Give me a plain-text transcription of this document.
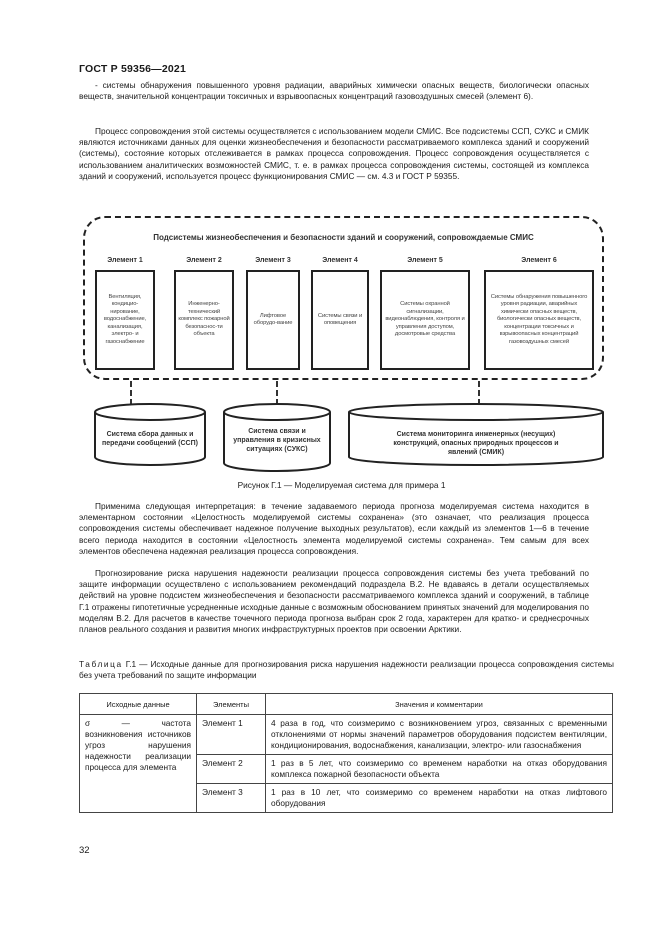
ГОСТ Р 59356—2021

- системы обнаружения повышенного уровня радиации, аварийных химически опасных веществ, биологически опасных веществ, значительной концентрации токсичных и взрывоопасных концентраций газовоздушных смесей (элемент 6).

Процесс сопровождения этой системы осуществляется с использованием модели СМИС. Все подсистемы ССП, СУКС и СМИК являются источниками данных для оценки жизнеобеспечения и безопасности рассматриваемого комплекса зданий и сооружений (системы), состояние которых отслеживается в рамках процесса сопровождения. Процесс сопровождения осуществляется с использованием аналитических возможностей СМИС, т. е. в рамках процесса сопровождения системы, состоящей из комплекса зданий и сооружений, используется процесс функционирования СМИС — см. 4.3 и ГОСТ Р 59355.

Подсистемы жизнеобеспечения и безопасности зданий и сооружений, сопровождаемые СМИС
Элемент 1
Вентиляция, кондицио-нирование, водоснабжение, канализация, электро- и газоснабжение
Элемент 2
Инженерно-технический комплекс пожарной безопаснос-ти объекта
Элемент 3
Лифтовое оборудо-вание
Элемент 4
Системы связи и оповещения
Элемент 5
Системы охранной сигнализации, видеонаблюдения, контроля и управления доступом, досмотровые средства
Элемент 6
Системы обнаружения повышенного уровня радиации, аварийных химически опасных веществ, биологически опасных веществ, концентрации токсичных и взрывоопасных концентраций газовоздушных смесей
Система сбора данных и передачи сообщений (ССП)
Система связи и управления в кризисных ситуациях (СУКС)
Система мониторинга инженерных (несущих) конструкций, опасных природных процессов и явлений (СМИК)
Рисунок Г.1 — Моделируемая система для примера 1

Применима следующая интерпретация: в течение задаваемого периода прогноза моделируемая система находится в элементарном состоянии «Целостность моделируемой системы сохранена» (это означает, что реализация процесса сопровождения системы обеспечивает надежное получение выходных результатов), если каждый из элементов 1—6 в течение всего периода находится в состоянии «Целостность элемента моделируемой системы сохранена». Тем самым для всех элементов обеспечена надежная реализация процесса сопровождения.

Прогнозирование риска нарушения надежности реализации процесса сопровождения системы без учета требований по защите информации осуществлено с использованием рекомендаций подраздела В.2. Не вдаваясь в детали осуществляемых действий на уровне подсистем жизнеобеспечения и безопасности рассматриваемого комплекса зданий и сооружений, в таблице Г.1 отражены гипотетичные усредненные исходные данные с возможным обоснованием принятых значений для моделирования по моделям В.2. Для расчетов в качестве точечного периода прогноза выбран срок 2 года, характерен для кратко- и среднесрочных планов реального создания и развития многих инфраструктурных проектов при освоении Арктики.

Таблица Г.1 — Исходные данные для прогнозирования риска нарушения надежности реализации процесса сопровождения системы без учета требований по защите информации
Исходные данные	Элементы	Значения и комментарии
σ — частота возникновения источников угроз нарушения надежности реализации процесса для элемента	Элемент 1	4 раза в год, что соизмеримо с возникновением угроз, связанных с временными отклонениями от нормы значений параметров оборудования подсистем вентиляции, кондиционирования, водоснабжения, канализации, электро- или газоснабжения
	Элемент 2	1 раз в 5 лет, что соизмеримо со временем наработки на отказ оборудования комплекса пожарной безопасности объекта
	Элемент 3	1 раз в 10 лет, что соизмеримо со временем наработки на отказ лифтового оборудования
32
